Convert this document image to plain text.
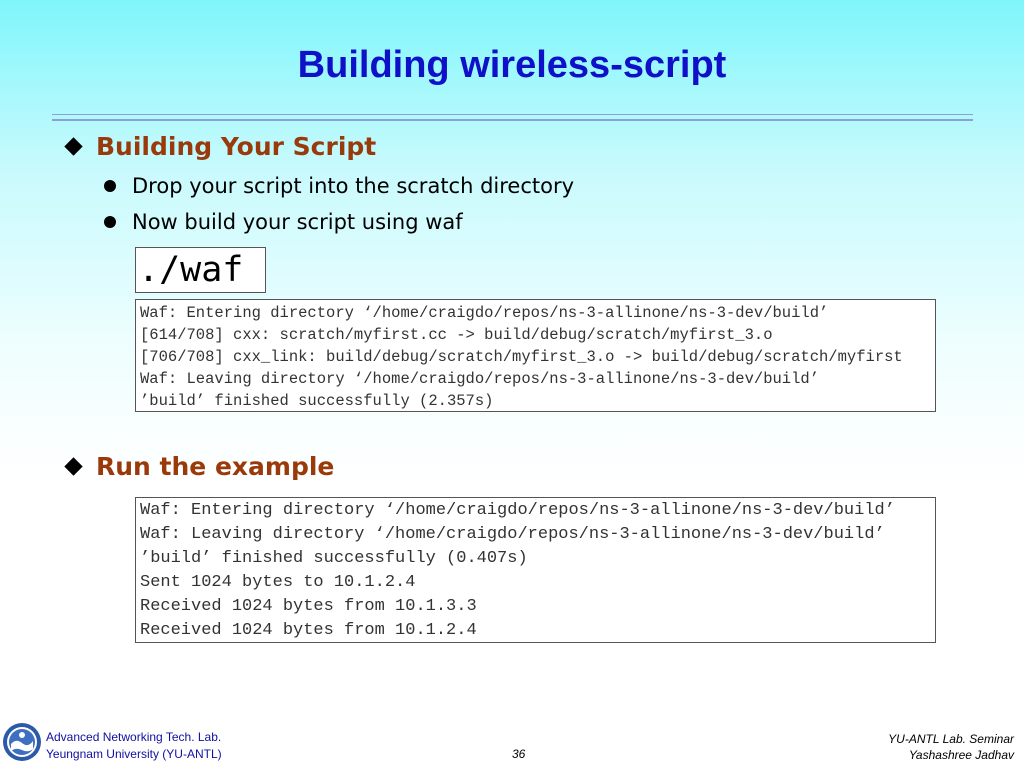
Building wireless-script
Building Your Script
Drop your script into the scratch directory
Now build your script using waf
./waf
Waf: Entering directory ‘/home/craigdo/repos/ns-3-allinone/ns-3-dev/build’
[614/708] cxx: scratch/myfirst.cc -> build/debug/scratch/myfirst_3.o
[706/708] cxx_link: build/debug/scratch/myfirst_3.o -> build/debug/scratch/myfirst
Waf: Leaving directory ‘/home/craigdo/repos/ns-3-allinone/ns-3-dev/build’
’build’ finished successfully (2.357s)
Run the example
Waf: Entering directory ‘/home/craigdo/repos/ns-3-allinone/ns-3-dev/build’
Waf: Leaving directory ‘/home/craigdo/repos/ns-3-allinone/ns-3-dev/build’
’build’ finished successfully (0.407s)
Sent 1024 bytes to 10.1.2.4
Received 1024 bytes from 10.1.3.3
Received 1024 bytes from 10.1.2.4
Advanced Networking Tech. Lab.
Yeungnam University (YU-ANTL)	36
YU-ANTL Lab. Seminar
Yashashree Jadhav
